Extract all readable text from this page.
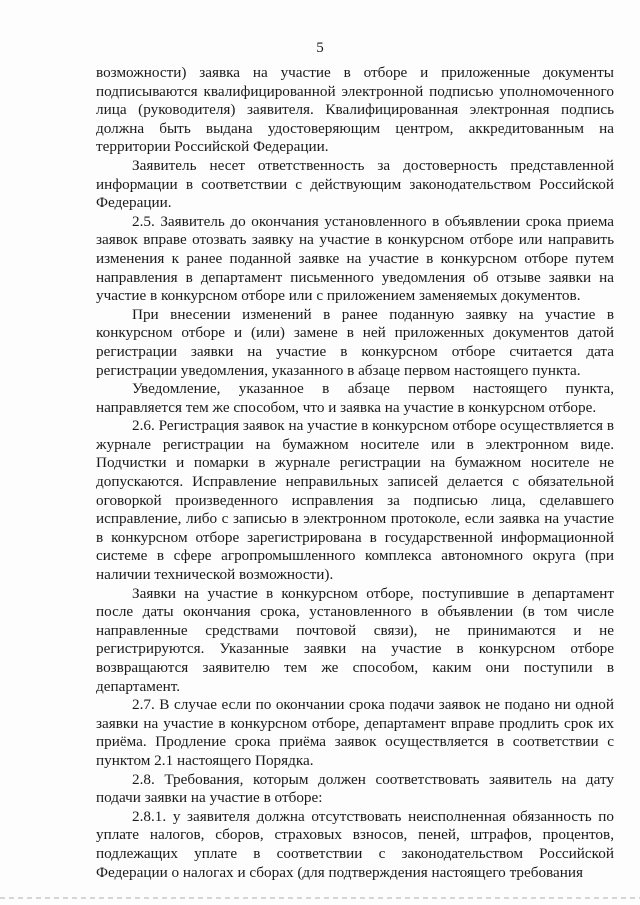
5

возможности) заявка на участие в отборе и приложенные документы подписываются квалифицированной электронной подписью уполномоченного лица (руководителя) заявителя. Квалифицированная электронная подпись должна быть выдана удостоверяющим центром, аккредитованным на территории Российской Федерации.

Заявитель несет ответственность за достоверность представленной информации в соответствии с действующим законодательством Российской Федерации.

2.5. Заявитель до окончания установленного в объявлении срока приема заявок вправе отозвать заявку на участие в конкурсном отборе или направить изменения к ранее поданной заявке на участие в конкурсном отборе путем направления в департамент письменного уведомления об отзыве заявки на участие в конкурсном отборе или с приложением заменяемых документов.

При внесении изменений в ранее поданную заявку на участие в конкурсном отборе и (или) замене в ней приложенных документов датой регистрации заявки на участие в конкурсном отборе считается дата регистрации уведомления, указанного в абзаце первом настоящего пункта.

Уведомление, указанное в абзаце первом настоящего пункта, направляется тем же способом, что и заявка на участие в конкурсном отборе.

2.6. Регистрация заявок на участие в конкурсном отборе осуществляется в журнале регистрации на бумажном носителе или в электронном виде. Подчистки и помарки в журнале регистрации на бумажном носителе не допускаются. Исправление неправильных записей делается с обязательной оговоркой произведенного исправления за подписью лица, сделавшего исправление, либо с записью в электронном протоколе, если заявка на участие в конкурсном отборе зарегистрирована в государственной информационной системе в сфере агропромышленного комплекса автономного округа (при наличии технической возможности).

Заявки на участие в конкурсном отборе, поступившие в департамент после даты окончания срока, установленного в объявлении (в том числе направленные средствами почтовой связи), не принимаются и не регистрируются. Указанные заявки на участие в конкурсном отборе возвращаются заявителю тем же способом, каким они поступили в департамент.

2.7. В случае если по окончании срока подачи заявок не подано ни одной заявки на участие в конкурсном отборе, департамент вправе продлить срок их приёма. Продление срока приёма заявок осуществляется в соответствии с пунктом 2.1 настоящего Порядка.

2.8. Требования, которым должен соответствовать заявитель на дату подачи заявки на участие в отборе:

2.8.1. у заявителя должна отсутствовать неисполненная обязанность по уплате налогов, сборов, страховых взносов, пеней, штрафов, процентов, подлежащих уплате в соответствии с законодательством Российской Федерации о налогах и сборах (для подтверждения настоящего требования
